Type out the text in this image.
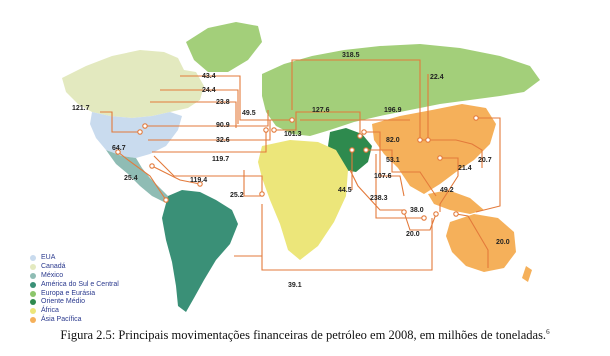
318.5
43.4
24.4
23.8
49.5
90.9
32.6
119.7
121.7
64.7
25.4	119.4
25.2
101.3
127.6	196.9
22.4
82.0
53.1
107.6
44.5
238.3
38.0
49.2
21.4
20.7
20.0
20.0
39.1
EUA
Canadá
México
América do Sul e Central
Europa e Eurásia
Oriente Médio
África
Ásia Pacífica
Figura 2.5: Principais movimentações financeiras de petróleo em 2008, em milhões de toneladas.$^6$
